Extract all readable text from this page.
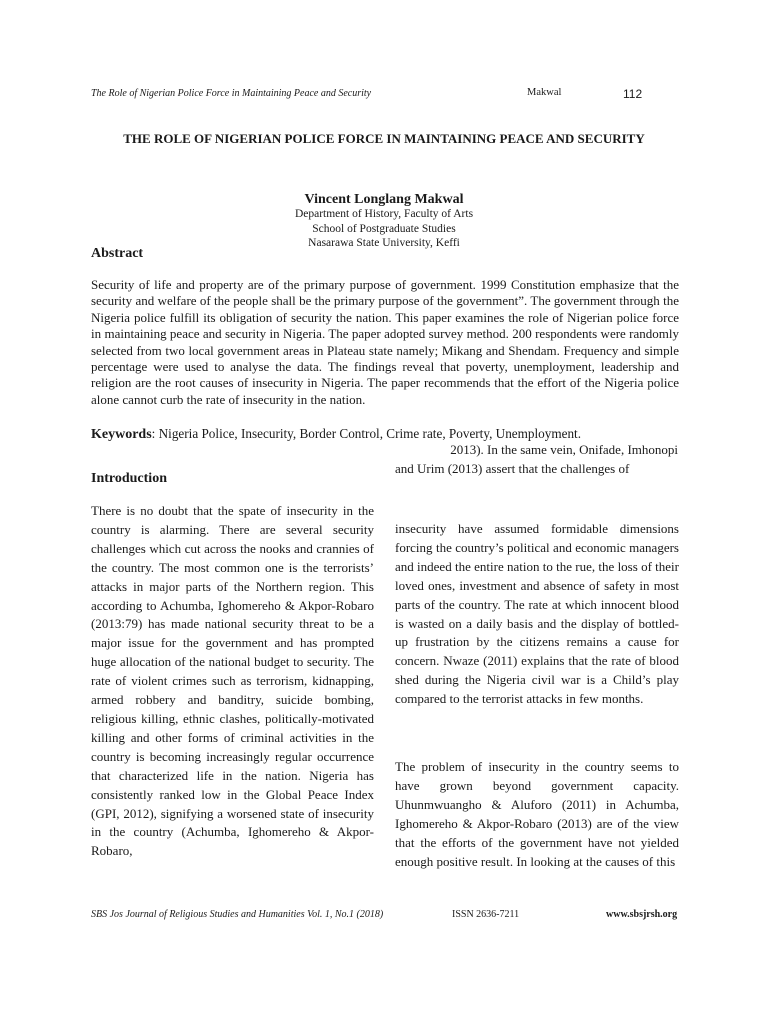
The Role of Nigerian Police Force in Maintaining Peace and Security	Makwal	112
THE ROLE OF NIGERIAN POLICE FORCE IN MAINTAINING PEACE AND SECURITY
Vincent Longlang Makwal
Department of History, Faculty of Arts
School of Postgraduate Studies
Nasarawa State University, Keffi
Abstract

Security of life and property are of the primary purpose of government. 1999 Constitution emphasize that the security and welfare of the people shall be the primary purpose of the government”. The government through the Nigeria police fulfill its obligation of security the nation. This paper examines the role of Nigerian police force in maintaining peace and security in Nigeria. The paper adopted survey method. 200 respondents were randomly selected from two local government areas in Plateau state namely; Mikang and Shendam. Frequency and simple percentage were used to analyse the data. The findings reveal that poverty, unemployment, leadership and religion are the root causes of insecurity in Nigeria. The paper recommends that the effort of the Nigeria police alone cannot curb the rate of insecurity in the nation.

Keywords: Nigeria Police, Insecurity, Border Control, Crime rate, Poverty, Unemployment.
Introduction

There is no doubt that the spate of insecurity in the country is alarming. There are several security challenges which cut across the nooks and crannies of the country. The most common one is the terrorists’ attacks in major parts of the Northern region. This according to Achumba, Ighomereho & Akpor-Robaro (2013:79) has made national security threat to be a major issue for the government and has prompted huge allocation of the national budget to security. The rate of violent crimes such as terrorism, kidnapping, armed robbery and banditry, suicide bombing, religious killing, ethnic clashes, politically-motivated killing and other forms of criminal activities in the country is becoming increasingly regular occurrence that characterized life in the nation. Nigeria has consistently ranked low in the Global Peace Index (GPI, 2012), signifying a worsened state of insecurity in the country (Achumba, Ighomereho & Akpor-Robaro,

2013). In the same vein, Onifade, Imhonopi

and Urim (2013) assert that the challenges of

insecurity have assumed formidable dimensions forcing the country’s political and economic managers and indeed the entire nation to the rue, the loss of their loved ones, investment and absence of safety in most parts of the country. The rate at which innocent blood is wasted on a daily basis and the display of bottled-up frustration by the citizens remains a cause for concern. Nwaze (2011) explains that the rate of blood shed during the Nigeria civil war is a Child’s play compared to the terrorist attacks in few months.

The problem of insecurity in the country seems to have grown beyond government capacity. Uhunmwuangho & Aluforo (2011) in Achumba, Ighomereho & Akpor-Robaro (2013) are of the view that the efforts of the government have not yielded enough positive result. In looking at the causes of this

SBS Jos Journal of Religious Studies and Humanities Vol. 1, No.1 (2018)	ISSN 2636-7211	www.sbsjrsh.org
